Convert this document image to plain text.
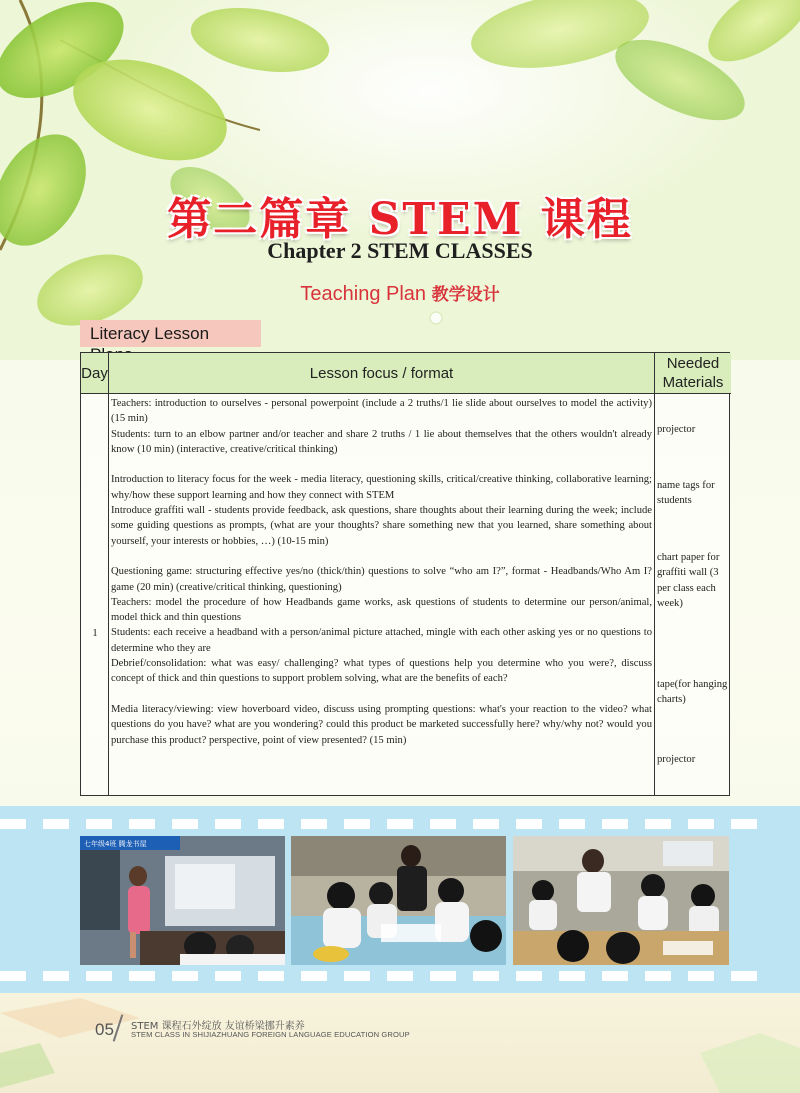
第二篇章 STEM 课程
Chapter 2 STEM CLASSES
Teaching Plan 教学设计
Literacy Lesson
Day	Lesson focus / format
Needed Materials
1

Teachers: introduction to ourselves - personal powerpoint (include a 2 truths/1 lie slide about ourselves to model the activity) (15 min)

Students: turn to an elbow partner and/or teacher and share 2 truths / 1 lie about themselves that the others wouldn't already know (10 min) (interactive, creative/critical thinking)

Introduction to literacy focus for the week - media literacy, questioning skills, critical/creative thinking, collaborative learning; why/how these support learning and how they connect with STEM

Introduce graffiti wall - students provide feedback, ask questions, share thoughts about their learning during the week; include some guiding questions as prompts, (what are your thoughts? share something new that you learned, share something about yourself, your interests or hobbies, …) (10-15 min)

Questioning game: structuring effective yes/no (thick/thin) questions to solve “who am I?”, format - Headbands/Who Am I? game (20 min) (creative/critical thinking, questioning)

Teachers: model the procedure of how Headbands game works, ask questions of students to determine our person/animal, model thick and thin questions

Students: each receive a headband with a person/animal picture attached, mingle with each other asking yes or no questions to determine who they are

Debrief/consolidation: what was easy/ challenging? what types of questions help you determine who you were?, discuss concept of thick and thin questions to support problem solving, what are the benefits of each?

Media literacy/viewing: view hoverboard video, discuss using prompting questions: what's your reaction to the video? what questions do you have? what are you wondering? could this product be marketed successfully here? why/why not? would you purchase this product? perspective, point of view presented? (15 min)

projector
name tags for students
chart paper for graffiti wall (3 per class each week)
tape(for hanging charts)
projector
七年级4班 腾龙书屋
05 STEM 课程石外绽放 友谊桥梁挪升素养
STEM CLASS IN SHIJIAZHUANG FOREIGN LANGUAGE EDUCATION GROUP
